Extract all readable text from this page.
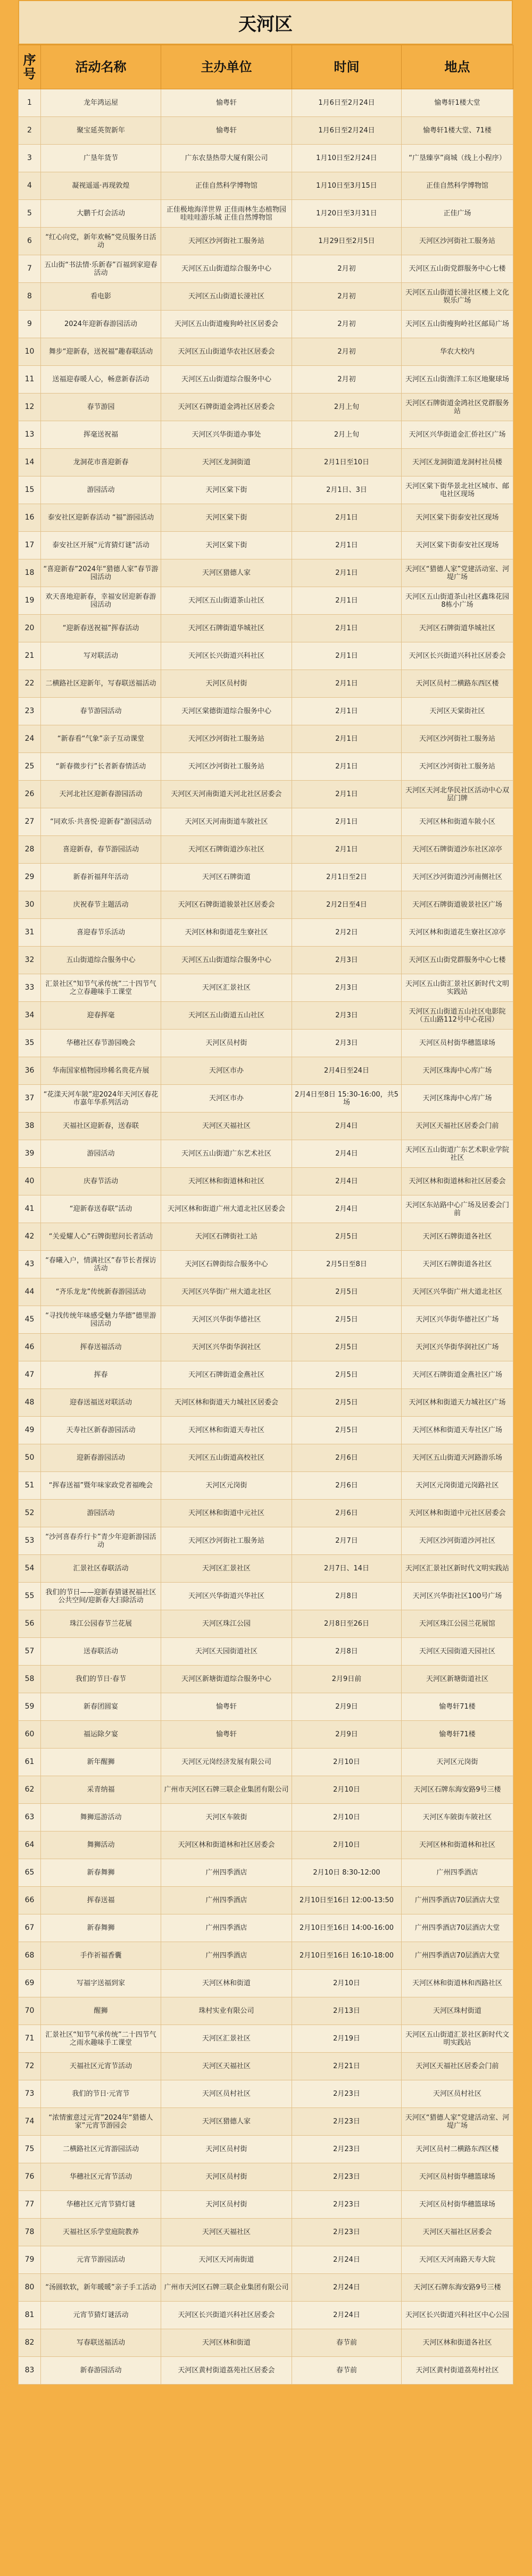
天河区
序号	活动名称	主办单位	时间	地点
1	龙年鸿运屋	愉粤轩	1月6日至2月24日	愉粤轩1楼大堂
2	聚宝延英贺新年	愉粤轩	1月6日至2月24日	愉粤轩1楼大堂、71楼
3	广垦年货节	广东农垦热带大厦有限公司	1月10日至2月24日	“广垦臻享”商城（线上小程序）
4	凝视遥遥·再现敦煌	正佳自然科学博物馆	1月10日至3月15日	正佳自然科学博物馆
5	大鹏千灯会活动	正佳极地海洋世界 正佳雨林生态植物园 哇哇哇游乐城 正佳自然博物馆	1月20日至3月31日	正佳广场
6	“红心向党，新年欢畅”党员服务日活动	天河区沙河街社工服务站	1月29日至2月5日	天河区沙河街社工服务站
7	五山街“书法情·乐新春”百福到家迎春活动	天河区五山街道综合服务中心	2月初	天河区五山街党群服务中心七楼
8	看电影	天河区五山街道长湴社区	2月初	天河区五山街道长湴社区楼上文化娱乐广场
9	2024年迎新春游园活动	天河区五山街道瘦狗岭社区居委会	2月初	天河区五山街瘦狗岭社区邮局广场
10	舞步“迎新春，送祝福”趣春联活动	天河区五山街道华农社区居委会	2月初	华农大校内
11	送福迎春暖人心，畅意新春活动	天河区五山街道综合服务中心	2月初	天河区五山街渔洋工东区地聚球场
12	春节游园	天河区石牌街道金鸿社区居委会	2月上旬	天河区石牌街道金鸿社区党群服务站
13	挥毫送祝福	天河区兴华街道办事处	2月上旬	天河区兴华街道金汇侨社区广场
14	龙洞花市喜迎新春	天河区龙洞街道	2月1日至10日	天河区龙洞街道龙洞村社员楼
15	游园活动	天河区棠下街	2月1日、3日	天河区棠下街华景北社区城市、邮电社区现场
16	泰安社区迎新春活动 “福”游园活动	天河区棠下街	2月1日	天河区棠下街泰安社区现场
17	泰安社区开展“元宵猜灯谜”活动	天河区棠下街	2月1日	天河区棠下街泰安社区现场
18	“喜迎新春”2024年“猎德人家”春节游园活动	天河区猎德人家	2月1日	天河区“猎德人家”党建活动室、河堤广场
19	欢天喜地迎新春，幸福安居迎新春游园活动	天河区五山街道茶山社区	2月1日	天河区五山街道茶山社区鑫珠花园8栋小广场
20	“迎新春送祝福”挥春活动	天河区石牌街道华城社区	2月1日	天河区石牌街道华城社区
21	写对联活动	天河区长兴街道兴科社区	2月1日	天河区长兴街道兴科社区居委会
22	二横路社区迎新年，写春联送福活动	天河区员村街	2月1日	天河区员村二横路东西区楼
23	春节游园活动	天河区棠德街道综合服务中心	2月1日	天河区天棠街社区
24	“新春看“气象”亲子互动课堂	天河区沙河街社工服务站	2月1日	天河区沙河街社工服务站
25	“新春微步行”长者新春情活动	天河区沙河街社工服务站	2月1日	天河区沙河街社工服务站
26	天河北社区迎新春游园活动	天河区天河南街道天河北社区居委会	2月1日	天河区天河北华民社区活动中心双层门牌
27	“同欢乐·共喜悦·迎新春”游园活动	天河区天河南街道车陂社区	2月1日	天河区林和街道车陂小区
28	喜迎新春，春节游园活动	天河区石牌街道沙东社区	2月1日	天河区石牌街道沙东社区凉亭
29	新春祈福拜年活动	天河区石牌街道	2月1日至2日	天河区沙河街道沙河南侧社区
30	庆祝春节主题活动	天河区石牌街道骏景社区居委会	2月2日至4日	天河区石牌街道骏景社区广场
31	喜迎春节乐活动	天河区林和街道花生寮社区	2月2日	天河区林和街道花生寮社区凉亭
32	五山街道综合服务中心	天河区五山街道综合服务中心	2月3日	天河区五山街党群服务中心七楼
33	汇景社区“知节气承传统”二十四节气之立春趣味手工课堂	天河区汇景社区	2月3日	天河区五山街汇景社区新时代文明实践站
34	迎春挥毫	天河区五山街道五山社区	2月3日	天河区五山街道五山社区电影院（五山路112号中心花园）
35	华穗社区春节游园晚会	天河区员村街	2月3日	天河区员村街华穗篮球场
36	华南国家植物园珍稀名贵花卉展	天河区市办	2月4日至24日	天河区珠海中心库广场
37	“花漾天河车陂”迎2024年天河区春花市嘉年华系列活动	天河区市办	2月4日至8日 15:30-16:00，共5场	天河区珠海中心库广场
38	天福社区迎新春，送春联	天河区天福社区	2月4日	天河区天福社区居委会门前
39	游园活动	天河区五山街道广东艺术社区	2月4日	天河区五山街道广东艺术职业学院社区
40	庆春节活动	天河区林和街道林和社区	2月4日	天河区林和街道林和社区居委会
41	“迎新春送春联”活动	天河区林和街道广州大道北社区居委会	2月4日	天河区东站路中心广场及居委会门前
42	“关爱耀人心”石牌街慰问长者活动	天河区石牌街社工站	2月5日	天河区石牌街道各社区
43	“春曦入户，情满社区”春节长者探访活动	天河区石牌街综合服务中心	2月5日至8日	天河区石牌街道各社区
44	“齐乐龙龙”传统新春游园活动	天河区兴华街广州大道北社区	2月5日	天河区兴华街广州大道北社区
45	“寻找传统年味感受魅力华德”德里游园活动	天河区兴华街华德社区	2月5日	天河区兴华街华德社区广场
46	挥春送福活动	天河区兴华街华润社区	2月5日	天河区兴华街华润社区广场
47	挥春	天河区石牌街道金燕社区	2月5日	天河区石牌街道金燕社区广场
48	迎春送福送对联活动	天河区林和街道天力城社区居委会	2月5日	天河区林和街道天力城社区广场
49	天寿社区新春游园活动	天河区林和街道天寿社区	2月5日	天河区林和街道天寿社区广场
50	迎新春游园活动	天河区五山街道高校社区	2月6日	天河区五山街道天河路游乐场
51	“挥春送福”暨年味家政党者福晚会	天河区元岗街	2月6日	天河区元岗街道元岗路社区
52	游园活动	天河区林和街道中元社区	2月6日	天河区林和街道中元社区居委会
53	“沙河喜春乔行卡”青少年迎新游园活动	天河区沙河街社工服务站	2月7日	天河区沙河街道沙河社区
54	汇景社区春联活动	天河区汇景社区	2月7日、14日	天河区汇景社区新时代文明实践站
55	我们的节日——迎新春猜谜祝福社区公共空间/迎新春大扫除活动	天河区兴华街道兴华社区	2月8日	天河区兴华街社区100号广场
56	珠江公园春节兰花展	天河区珠江公园	2月8日至26日	天河区珠江公园兰花展馆
57	送春联活动	天河区天园街道社区	2月8日	天河区天园街道天园社区
58	我们的节日·春节	天河区新塘街道综合服务中心	2月9日前	天河区新塘街道社区
59	新春团圆宴	愉粤轩	2月9日	愉粤轩71楼
60	福运除夕宴	愉粤轩	2月9日	愉粤轩71楼
61	新年醒狮	天河区元岗经济发展有限公司	2月10日	天河区元岗街
62	采青纳福	广州市天河区石牌三联企业集团有限公司	2月10日	天河区石牌东海安路9号三楼
63	舞狮巡游活动	天河区车陂街	2月10日	天河区车陂街车陂社区
64	舞狮活动	天河区林和街道林和社区居委会	2月10日	天河区林和街道林和社区
65	新春舞狮	广州四季酒店	2月10日 8:30-12:00	广州四季酒店
66	挥春送福	广州四季酒店	2月10日至16日 12:00-13:50	广州四季酒店70层酒店大堂
67	新春舞狮	广州四季酒店	2月10日至16日 14:00-16:00	广州四季酒店70层酒店大堂
68	手作祈福香囊	广州四季酒店	2月10日至16日 16:10-18:00	广州四季酒店70层酒店大堂
69	写福字送福到家	天河区林和街道	2月10日	天河区林和街道林和西路社区
70	醒狮	珠村实业有限公司	2月13日	天河区珠村街道
71	汇景社区“知节气承传统”二十四节气之雨水趣味手工课堂	天河区汇景社区	2月19日	天河区五山街道汇景社区新时代文明实践站
72	天福社区元宵节活动	天河区天福社区	2月21日	天河区天福社区居委会门前
73	我们的节日·元宵节	天河区员村社区	2月23日	天河区员村社区
74	“浓情蜜意过元宵”2024年“猎德人家”元宵节游园会	天河区猎德人家	2月23日	天河区“猎德人家”党建活动室、河堤广场
75	二横路社区元宵游园活动	天河区员村街	2月23日	天河区员村二横路东西区楼
76	华穗社区元宵节活动	天河区员村街	2月23日	天河区员村街华穗篮球场
77	华穗社区元宵节猜灯谜	天河区员村街	2月23日	天河区员村街华穗篮球场
78	天福社区乐学堂庭院教养	天河区天福社区	2月23日	天河区天福社区居委会
79	元宵节游园活动	天河区天河南街道	2月24日	天河区天河南路天寿大院
80	“汤圆软软，新年暖暖”亲子手工活动	广州市天河区石牌三联企业集团有限公司	2月24日	天河区石牌东海安路9号三楼
81	元宵节猜灯谜活动	天河区长兴街道兴科社区居委会	2月24日	天河区长兴街道兴科社区中心公园
82	写春联送福活动	天河区林和街道	春节前	天河区林和街道各社区
83	新春游园活动	天河区黄村街道荔苑社区居委会	春节前	天河区黄村街道荔苑村社区
